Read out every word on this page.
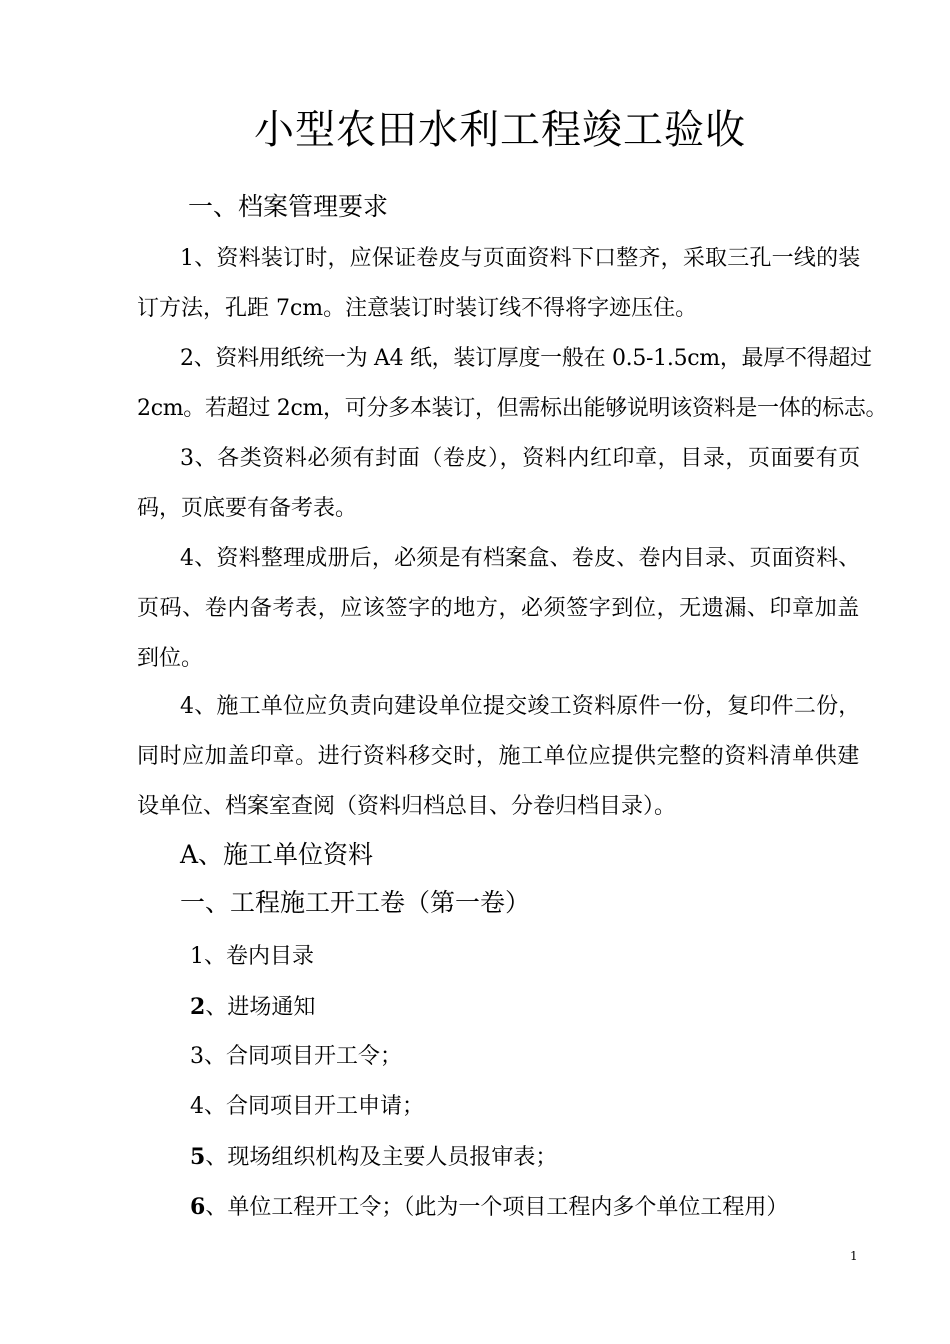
小型农田水利工程竣工验收
一、档案管理要求
1、资料装订时，应保证卷皮与页面资料下口整齐，采取三孔一线的装
订方法，孔距 7cm。注意装订时装订线不得将字迹压住。
2、资料用纸统一为 A4 纸，装订厚度一般在 0.5-1.5cm，最厚不得超过
2cm。若超过 2cm，可分多本装订，但需标出能够说明该资料是一体的标志。
3、各类资料必须有封面（卷皮），资料内红印章，目录，页面要有页
码，页底要有备考表。
4、资料整理成册后，必须是有档案盒、卷皮、卷内目录、页面资料、
页码、卷内备考表，应该签字的地方，必须签字到位，无遗漏、印章加盖
到位。
4、施工单位应负责向建设单位提交竣工资料原件一份，复印件二份，
同时应加盖印章。进行资料移交时，施工单位应提供完整的资料清单供建
设单位、档案室查阅（资料归档总目、分卷归档目录）。
A、施工单位资料
一、工程施工开工卷（第一卷）
1、卷内目录
2、进场通知
3、合同项目开工令；
4、合同项目开工申请；
5、现场组织机构及主要人员报审表；
6、单位工程开工令；（此为一个项目工程内多个单位工程用）
1
